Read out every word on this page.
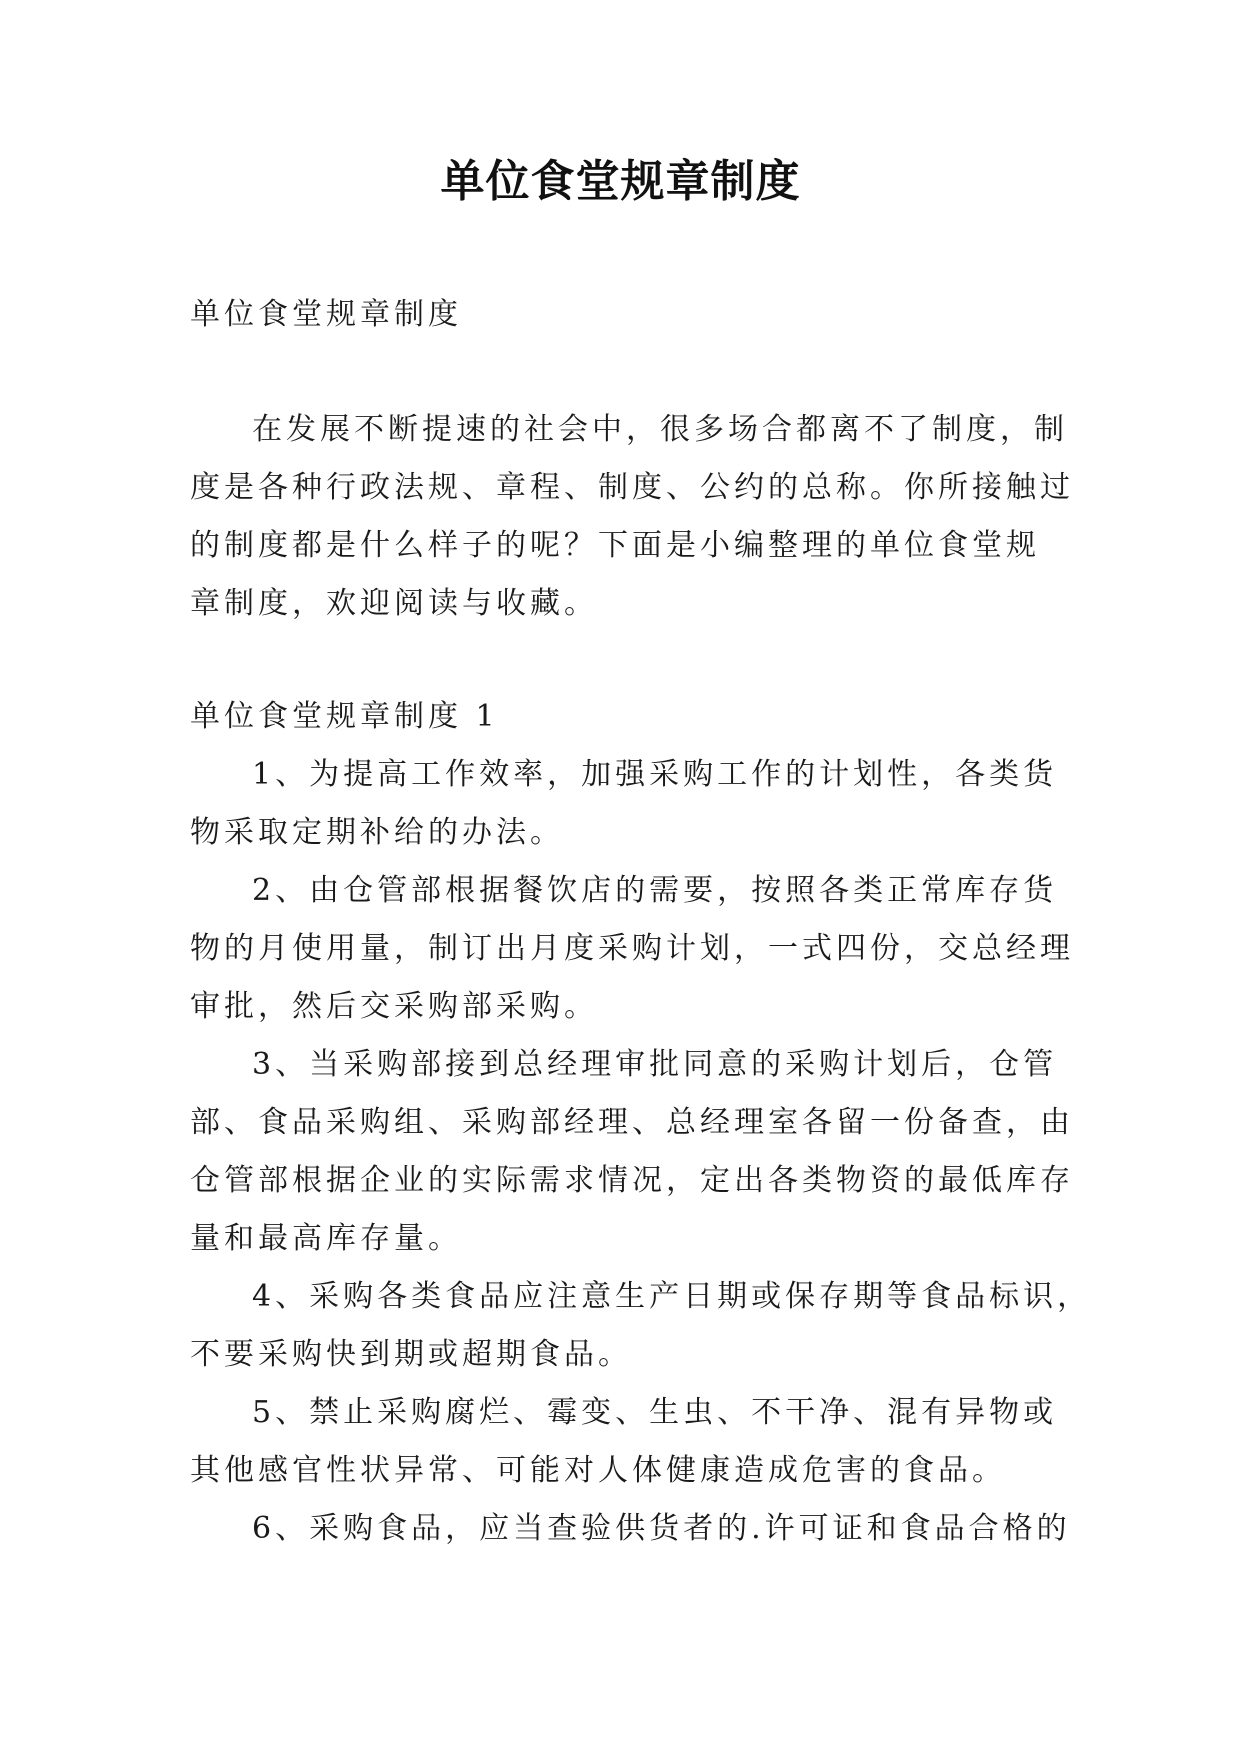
单位食堂规章制度

单位食堂规章制度

在发展不断提速的社会中，很多场合都离不了制度，制

度是各种行政法规、章程、制度、公约的总称。你所接触过

的制度都是什么样子的呢？下面是小编整理的单位食堂规

章制度，欢迎阅读与收藏。

单位食堂规章制度 1

1、为提高工作效率，加强采购工作的计划性，各类货

物采取定期补给的办法。

2、由仓管部根据餐饮店的需要，按照各类正常库存货

物的月使用量，制订出月度采购计划，一式四份，交总经理

审批，然后交采购部采购。

3、当采购部接到总经理审批同意的采购计划后，仓管

部、食品采购组、采购部经理、总经理室各留一份备查，由

仓管部根据企业的实际需求情况，定出各类物资的最低库存

量和最高库存量。

4、采购各类食品应注意生产日期或保存期等食品标识，

不要采购快到期或超期食品。

5、禁止采购腐烂、霉变、生虫、不干净、混有异物或

其他感官性状异常、可能对人体健康造成危害的食品。

6、采购食品，应当查验供货者的.许可证和食品合格的
